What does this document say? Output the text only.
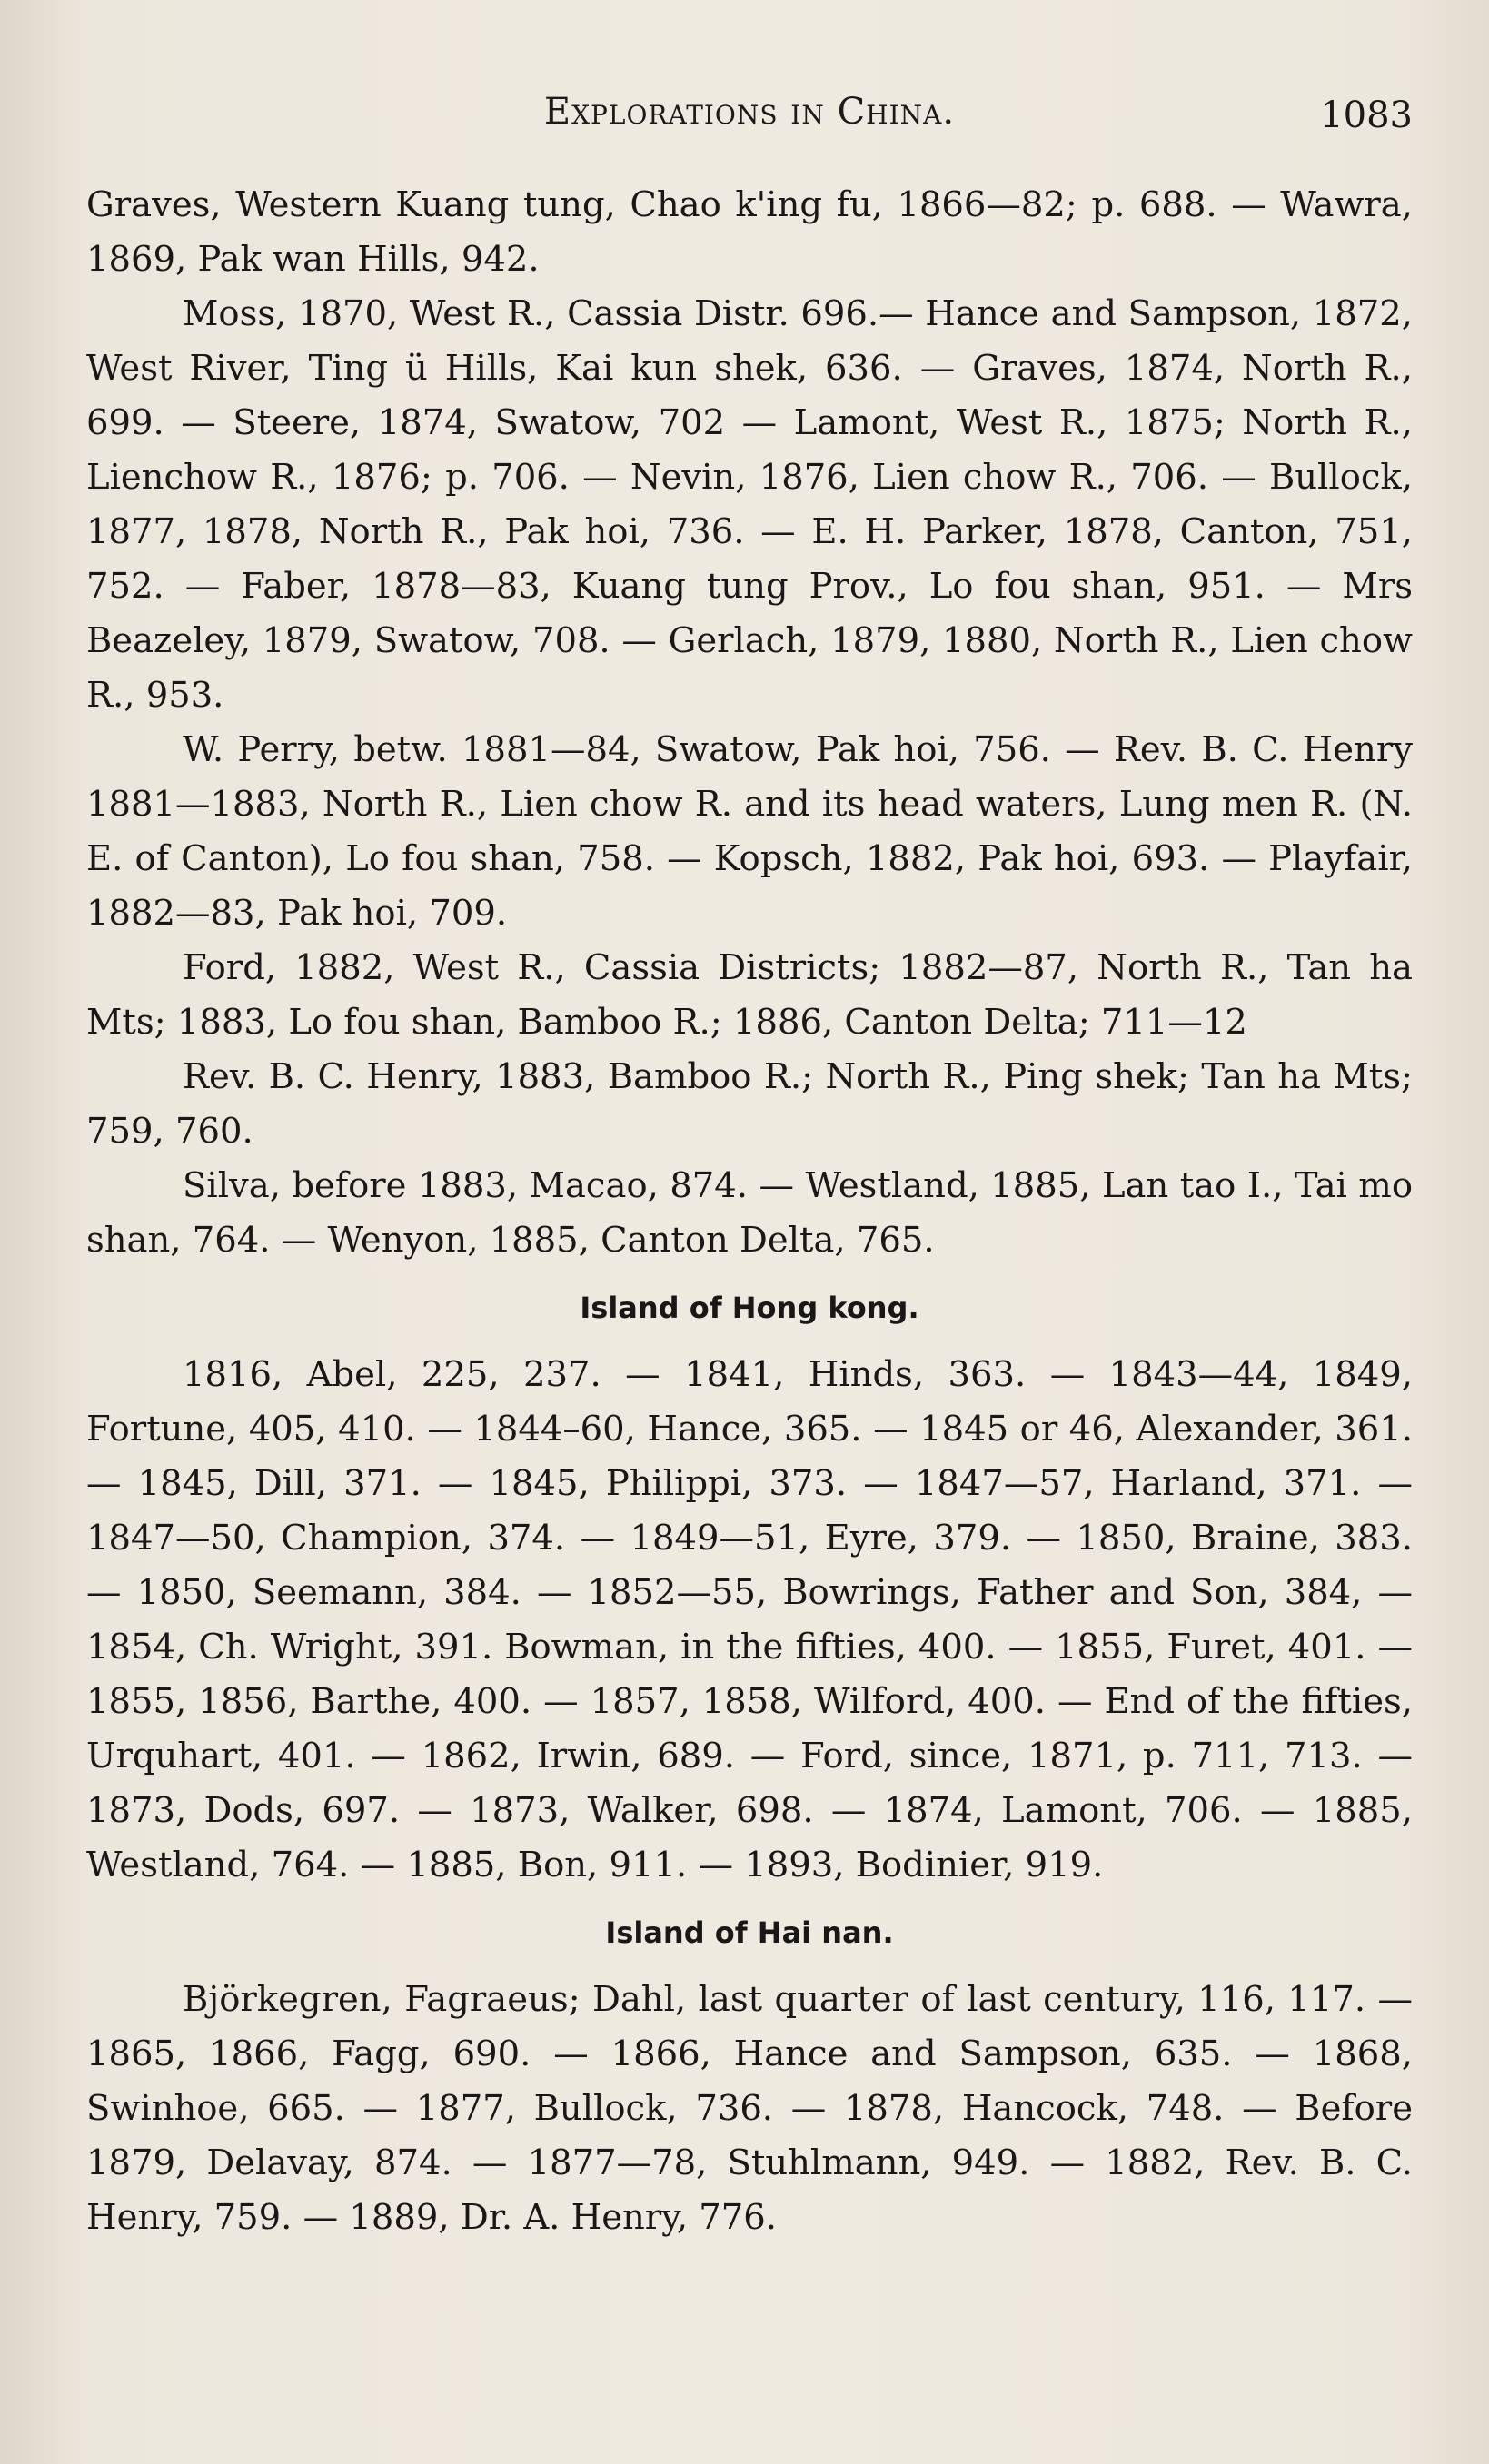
Explorations in China.	1083

Graves, Western Kuang tung, Chao k'ing fu, 1866—82; p. 688. — Wawra, 1869, Pak wan Hills, 942.

Moss, 1870, West R., Cassia Distr. 696.— Hance and Sampson, 1872, West River, Ting ü Hills, Kai kun shek, 636. — Graves, 1874, North R., 699. — Steere, 1874, Swatow, 702 — Lamont, West R., 1875; North R., Lienchow R., 1876; p. 706. — Nevin, 1876, Lien chow R., 706. — Bullock, 1877, 1878, North R., Pak hoi, 736. — E. H. Parker, 1878, Canton, 751, 752. — Faber, 1878—83, Kuang tung Prov., Lo fou shan, 951. — Mrs Beazeley, 1879, Swatow, 708. — Gerlach, 1879, 1880, North R., Lien chow R., 953.

W. Perry, betw. 1881—84, Swatow, Pak hoi, 756. — Rev. B. C. Henry 1881—1883, North R., Lien chow R. and its head waters, Lung men R. (N. E. of Canton), Lo fou shan, 758. — Kopsch, 1882, Pak hoi, 693. — Playfair, 1882—83, Pak hoi, 709.

Ford, 1882, West R., Cassia Districts; 1882—87, North R., Tan ha Mts; 1883, Lo fou shan, Bamboo R.; 1886, Canton Delta; 711—12

Rev. B. C. Henry, 1883, Bamboo R.; North R., Ping shek; Tan ha Mts; 759, 760.

Silva, before 1883, Macao, 874. — Westland, 1885, Lan tao I., Tai mo shan, 764. — Wenyon, 1885, Canton Delta, 765.

Island of Hong kong.

1816, Abel, 225, 237. — 1841, Hinds, 363. — 1843—44, 1849, Fortune, 405, 410. — 1844–60, Hance, 365. — 1845 or 46, Alexander, 361. — 1845, Dill, 371. — 1845, Philippi, 373. — 1847—57, Harland, 371. — 1847—50, Champion, 374. — 1849—51, Eyre, 379. — 1850, Braine, 383. — 1850, Seemann, 384. — 1852—55, Bowrings, Father and Son, 384, — 1854, Ch. Wright, 391. Bowman, in the fifties, 400. — 1855, Furet, 401. — 1855, 1856, Barthe, 400. — 1857, 1858, Wilford, 400. — End of the fifties, Urquhart, 401. — 1862, Irwin, 689. — Ford, since, 1871, p. 711, 713. — 1873, Dods, 697. — 1873, Walker, 698. — 1874, Lamont, 706. — 1885, Westland, 764. — 1885, Bon, 911. — 1893, Bodinier, 919.

Island of Hai nan.

Björkegren, Fagraeus; Dahl, last quarter of last century, 116, 117. — 1865, 1866, Fagg, 690. — 1866, Hance and Sampson, 635. — 1868, Swinhoe, 665. — 1877, Bullock, 736. — 1878, Hancock, 748. — Before 1879, Delavay, 874. — 1877—78, Stuhlmann, 949. — 1882, Rev. B. C. Henry, 759. — 1889, Dr. A. Henry, 776.
